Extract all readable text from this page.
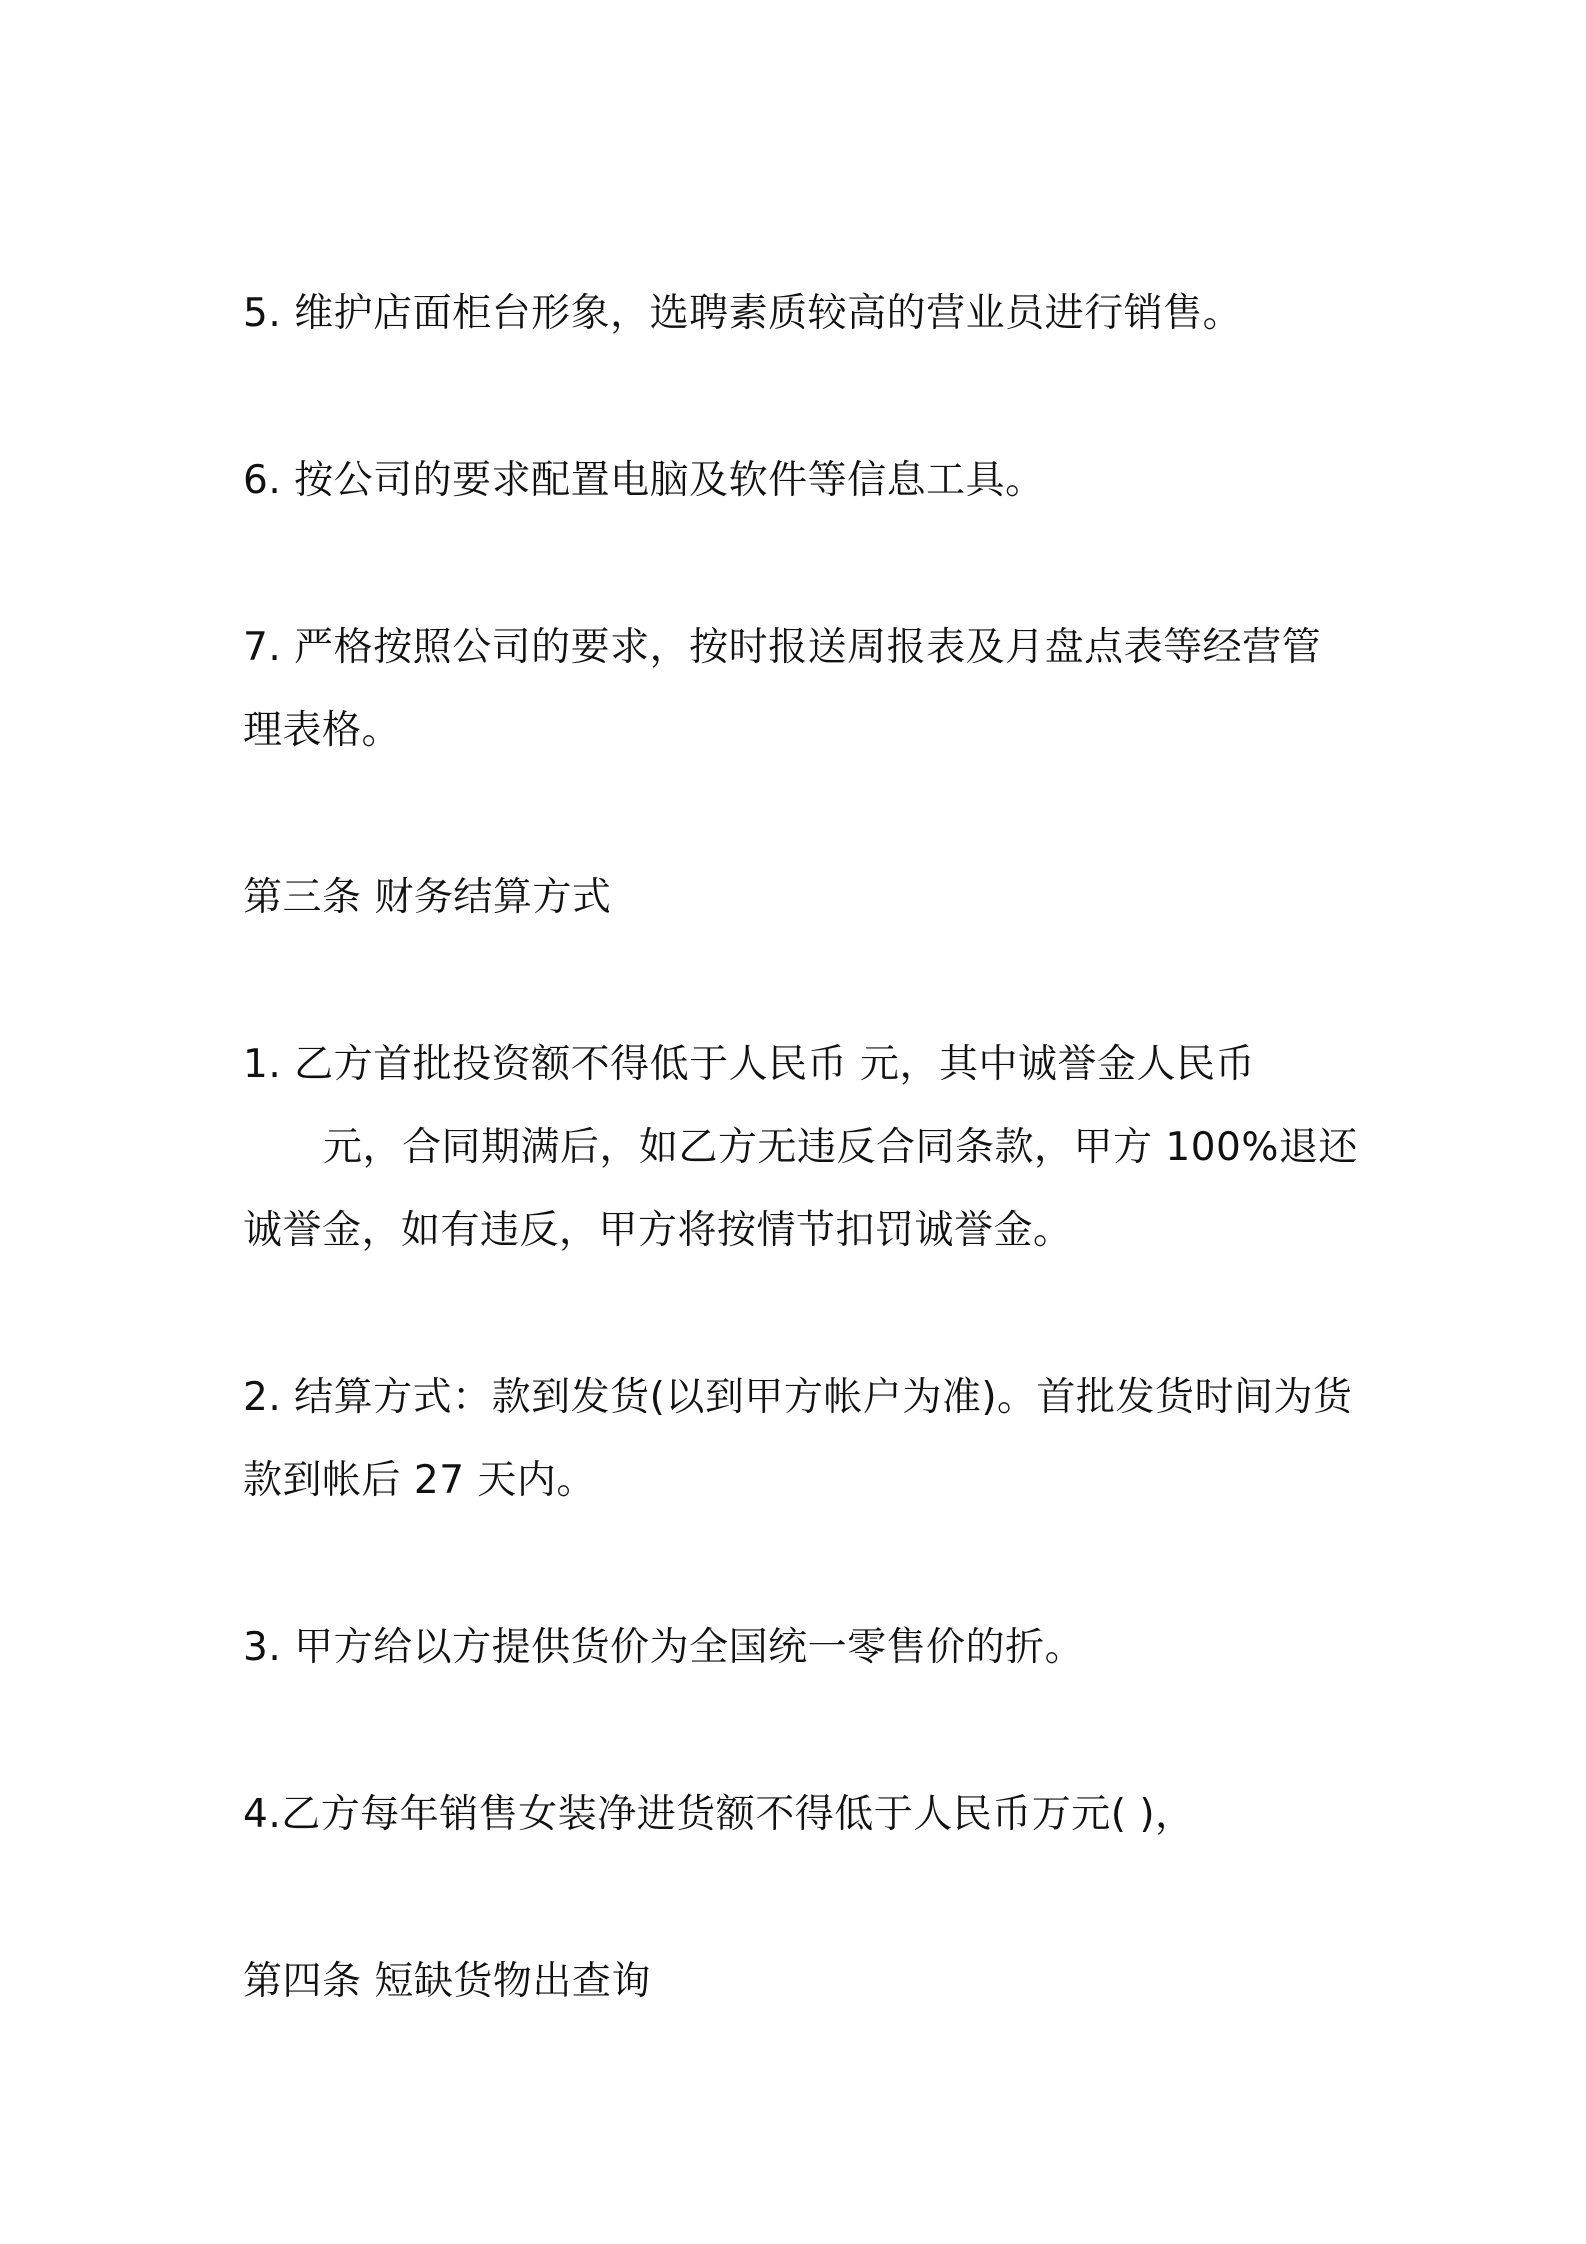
5. 维护店面柜台形象，选聘素质较高的营业员进行销售。
6. 按公司的要求配置电脑及软件等信息工具。
7. 严格按照公司的要求，按时报送周报表及月盘点表等经营管
理表格。
第三条 财务结算方式
1. 乙方首批投资额不得低于人民币 元，其中诚誉金人民币
元，合同期满后，如乙方无违反合同条款，甲方 100%退还
诚誉金，如有违反，甲方将按情节扣罚诚誉金。
2. 结算方式：款到发货(以到甲方帐户为准)。首批发货时间为货
款到帐后 27 天内。
3. 甲方给以方提供货价为全国统一零售价的折。
4.乙方每年销售女装净进货额不得低于人民币万元( )，
第四条 短缺货物出查询
